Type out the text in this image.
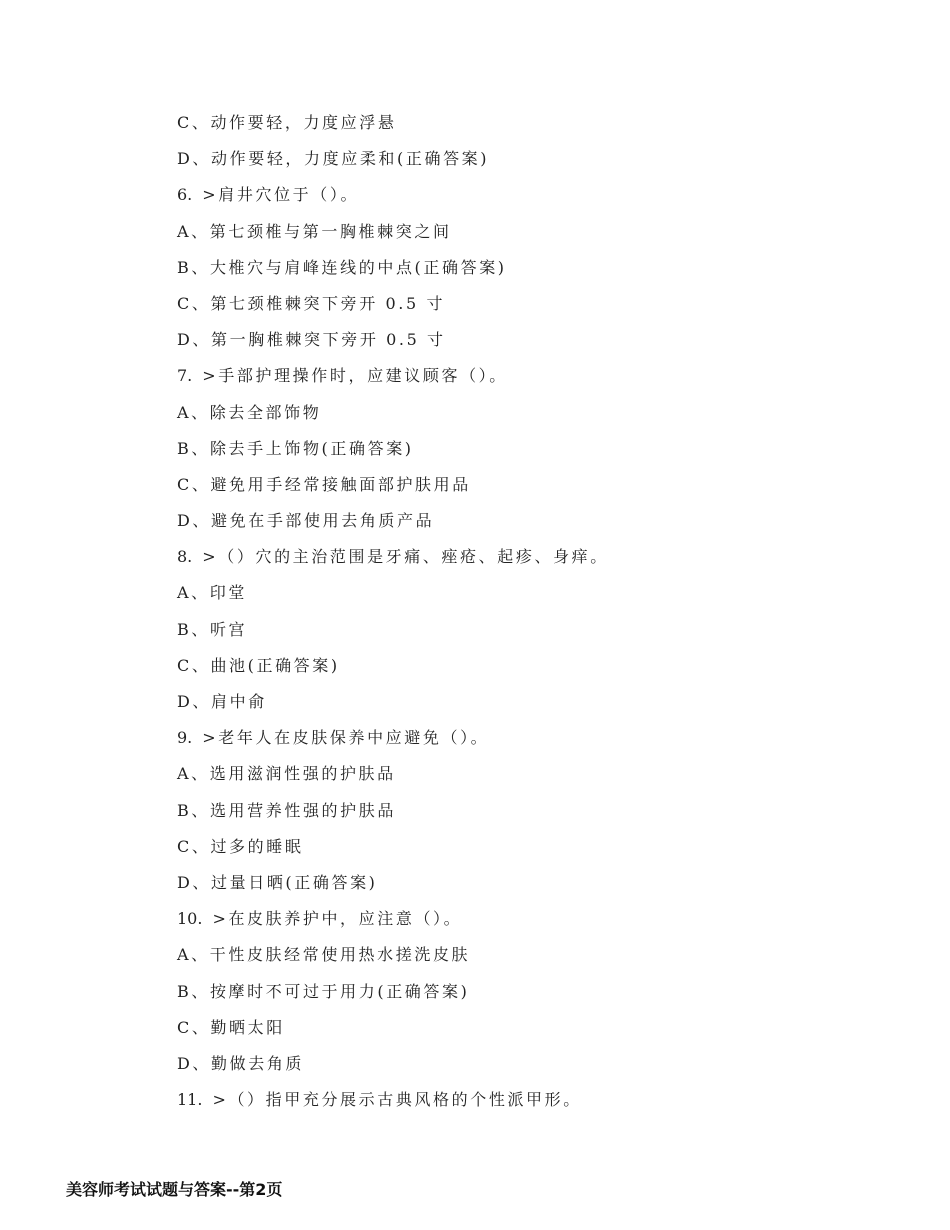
C、动作要轻，力度应浮悬
D、动作要轻，力度应柔和(正确答案)
6. >肩井穴位于（）。
A、第七颈椎与第一胸椎棘突之间
B、大椎穴与肩峰连线的中点(正确答案)
C、第七颈椎棘突下旁开 0.5 寸
D、第一胸椎棘突下旁开 0.5 寸
7. >手部护理操作时，应建议顾客（）。
A、除去全部饰物
B、除去手上饰物(正确答案)
C、避免用手经常接触面部护肤用品
D、避免在手部使用去角质产品
8. >（）穴的主治范围是牙痛、痤疮、起疹、身痒。
A、印堂
B、听宫
C、曲池(正确答案)
D、肩中俞
9. >老年人在皮肤保养中应避免（）。
A、选用滋润性强的护肤品
B、选用营养性强的护肤品
C、过多的睡眠
D、过量日晒(正确答案)
10. >在皮肤养护中，应注意（）。
A、干性皮肤经常使用热水搓洗皮肤
B、按摩时不可过于用力(正确答案)
C、勤晒太阳
D、勤做去角质
11. >（）指甲充分展示古典风格的个性派甲形。
美容师考试试题与答案--第2页
